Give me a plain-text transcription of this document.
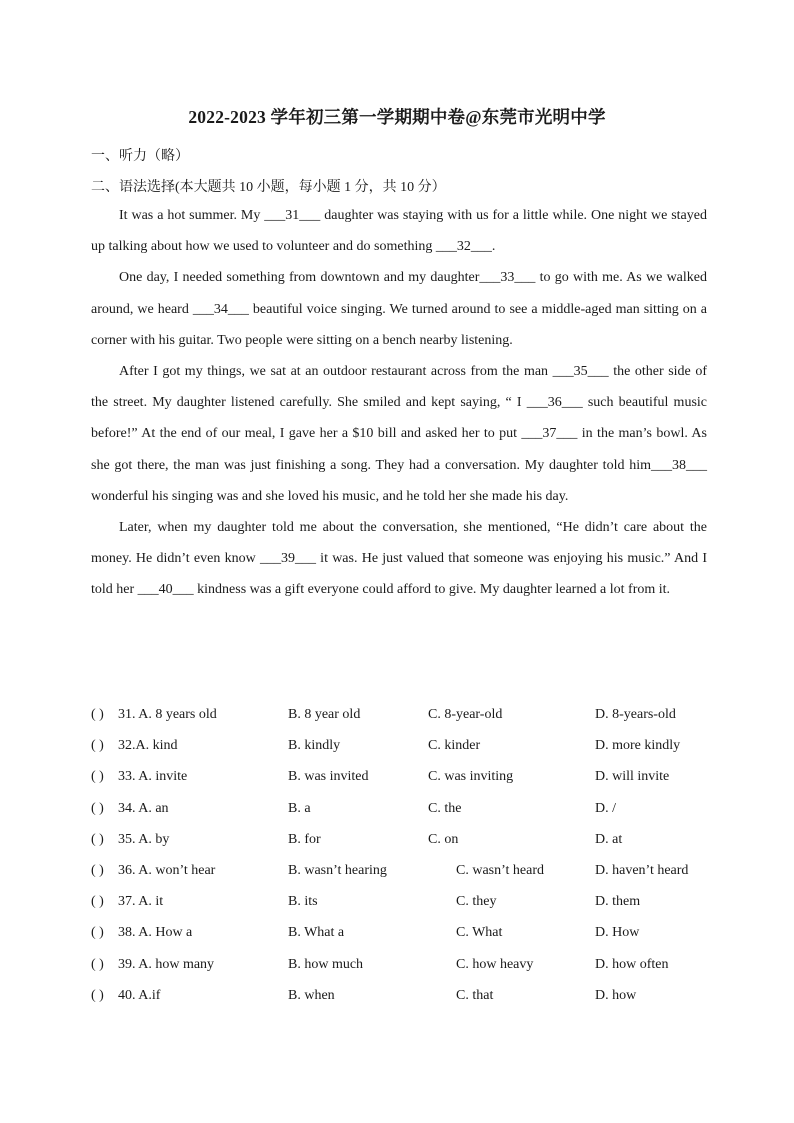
2022-2023 学年初三第一学期期中卷@东莞市光明中学
一、听力（略）
二、语法选择(本大题共 10 小题，每小题 1 分，共 10 分）

It was a hot summer. My ___31___ daughter was staying with us for a little while. One night we stayed up talking about how we used to volunteer and do something ___32___.

One day, I needed something from downtown and my daughter___33___ to go with me. As we walked around, we heard ___34___ beautiful voice singing. We turned around to see a middle-aged man sitting on a corner with his guitar. Two people were sitting on a bench nearby listening.

After I got my things, we sat at an outdoor restaurant across from the man ___35___ the other side of the street. My daughter listened carefully. She smiled and kept saying, “ I ___36___ such beautiful music before!” At the end of our meal, I gave her a $10 bill and asked her to put ___37___ in the man’s bowl. As she got there, the man was just finishing a song. They had a conversation. My daughter told him___38___ wonderful his singing was and she loved his music, and he told her she made his day.

Later, when my daughter told me about the conversation, she mentioned, “He didn’t care about the money. He didn’t even know ___39___ it was. He just valued that someone was enjoying his music.” And I told her ___40___ kindness was a gift everyone could afford to give. My daughter learned a lot from it.

( ) 31. A. 8 years old	B. 8 year old	C. 8-year-old	D. 8-years-old
( ) 32.A. kind	B. kindly	C. kinder	D. more kindly
( ) 33. A. invite	B. was invited	C. was inviting	D. will invite
( ) 34. A. an	B. a	C. the	D. /
( ) 35. A. by	B. for	C. on	D. at
( ) 36. A. won’t hear	B. wasn’t hearing	C. wasn’t heard	D. haven’t heard
( ) 37. A. it	B. its	C. they	D. them
( ) 38. A. How a	B. What a	C. What	D. How
( ) 39. A. how many	B. how much	C. how heavy	D. how often
( ) 40. A.if	B. when	C. that	D. how
